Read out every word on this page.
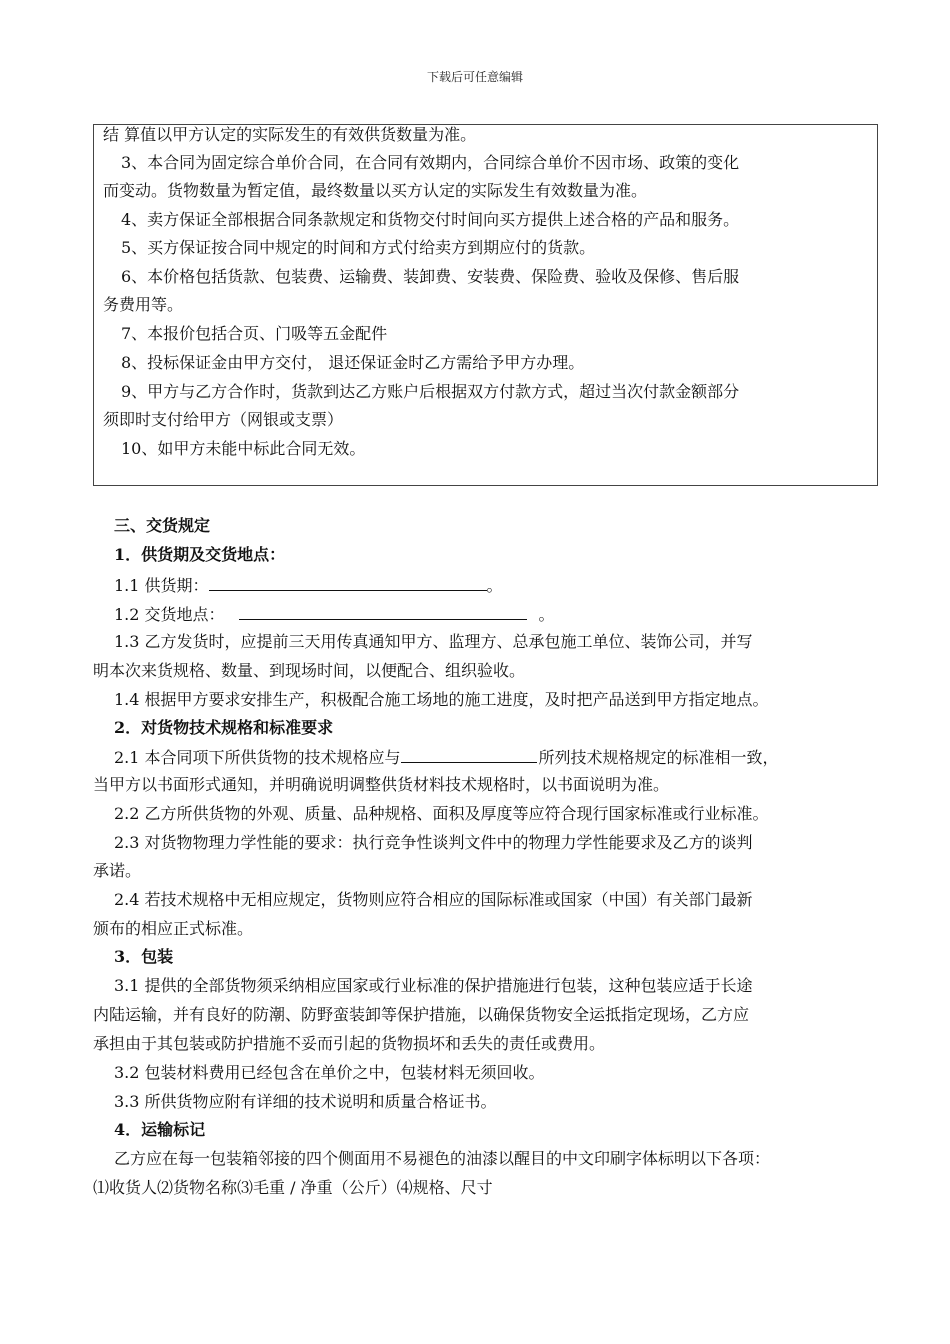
下载后可任意编辑
结 算值以甲方认定的实际发生的有效供货数量为准。
3、本合同为固定综合单价合同，在合同有效期内，合同综合单价不因市场、政策的变化
而变动。货物数量为暂定值，最终数量以买方认定的实际发生有效数量为准。
4、卖方保证全部根据合同条款规定和货物交付时间向买方提供上述合格的产品和服务。
5、买方保证按合同中规定的时间和方式付给卖方到期应付的货款。
6、本价格包括货款、包装费、运输费、装卸费、安装费、保险费、验收及保修、售后服
务费用等。
7、本报价包括合页、门吸等五金配件
8、投标保证金由甲方交付， 退还保证金时乙方需给予甲方办理。
9、甲方与乙方合作时，货款到达乙方账户后根据双方付款方式，超过当次付款金额部分
须即时支付给甲方（网银或支票）
10、如甲方未能中标此合同无效。
三、交货规定
1．供货期及交货地点：
1.1 供货期：	。
1.2 交货地点：	。
1.3 乙方发货时，应提前三天用传真通知甲方、监理方、总承包施工单位、装饰公司，并写
明本次来货规格、数量、到现场时间，以便配合、组织验收。
1.4 根据甲方要求安排生产，积极配合施工场地的施工进度，及时把产品送到甲方指定地点。
2．对货物技术规格和标准要求
2.1 本合同项下所供货物的技术规格应与	所列技术规格规定的标准相一致，
当甲方以书面形式通知，并明确说明调整供货材料技术规格时，以书面说明为准。
2.2 乙方所供货物的外观、质量、品种规格、面积及厚度等应符合现行国家标准或行业标准。
2.3 对货物物理力学性能的要求：执行竞争性谈判文件中的物理力学性能要求及乙方的谈判
承诺。
2.4 若技术规格中无相应规定，货物则应符合相应的国际标准或国家（中国）有关部门最新
颁布的相应正式标准。
3．包装
3.1 提供的全部货物须采纳相应国家或行业标准的保护措施进行包装，这种包装应适于长途
内陆运输，并有良好的防潮、防野蛮装卸等保护措施，以确保货物安全运抵指定现场，乙方应
承担由于其包装或防护措施不妥而引起的货物损坏和丢失的责任或费用。
3.2 包装材料费用已经包含在单价之中，包装材料无须回收。
3.3 所供货物应附有详细的技术说明和质量合格证书。
4．运输标记
乙方应在每一包装箱邻接的四个侧面用不易褪色的油漆以醒目的中文印刷字体标明以下各项：
⑴收货人⑵货物名称⑶毛重 / 净重（公斤）⑷规格、尺寸
